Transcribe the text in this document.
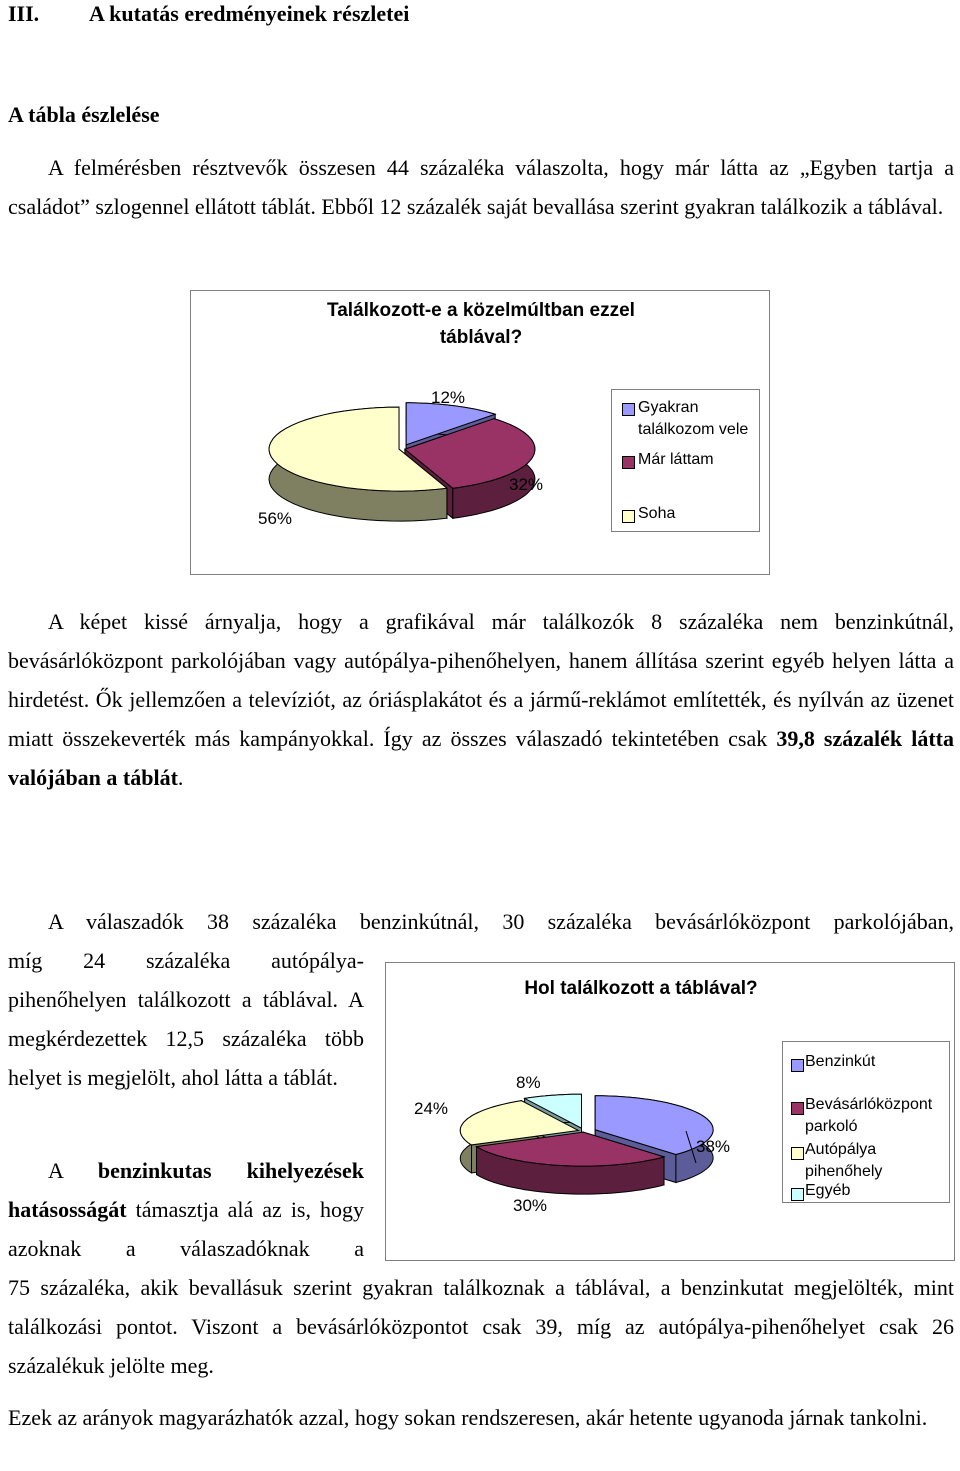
III. A kutatás eredményeinek részletei
A tábla észlelése

A felmérésben résztvevők összesen 44 százaléka válaszolta, hogy már látta az „Egyben tartja a családot” szlogennel ellátott táblát. Ebből 12 százalék saját bevallása szerint gyakran találkozik a táblával.

Találkozott-e a közelmúltban ezzel
táblával?
Gyakran találkozom vele
Már láttam
Soha
12%
32%
56%

A képet kissé árnyalja, hogy a grafikával már találkozók 8 százaléka nem benzinkútnál, bevásárlóközpont parkolójában vagy autópálya-pihenőhelyen, hanem állítása szerint egyéb helyen látta a hirdetést. Ők jellemzően a televíziót, az óriásplakátot és a jármű-reklámot említették, és nyílván az üzenet miatt összekeverték más kampányokkal. Így az összes válaszadó tekintetében csak 39,8 százalék látta valójában a táblát.

A válaszadók 38 százaléka benzinkútnál, 30 százaléka bevásárlóközpont parkolójában,

míg 24 százaléka autópálya-pihenőhelyen találkozott a táblával. A megkérdezettek 12,5 százaléka több helyet is megjelölt, ahol látta a táblát.

A benzinkutas kihelyezések hatásosságát támasztja alá az is, hogy azoknak a válaszadóknak a

75 százaléka, akik bevallásuk szerint gyakran találkoznak a táblával, a benzinkutat megjelölték, mint találkozási pontot. Viszont a bevásárlóközpontot csak 39, míg az autópálya-pihenőhelyet csak 26 százalékuk jelölte meg.

Ezek az arányok magyarázhatók azzal, hogy sokan rendszeresen, akár hetente ugyanoda járnak tankolni.

Hol találkozott a táblával?
Benzinkút
Bevásárlóközpont parkoló
Autópálya pihenőhely
Egyéb
38%
30%
24%
8%
